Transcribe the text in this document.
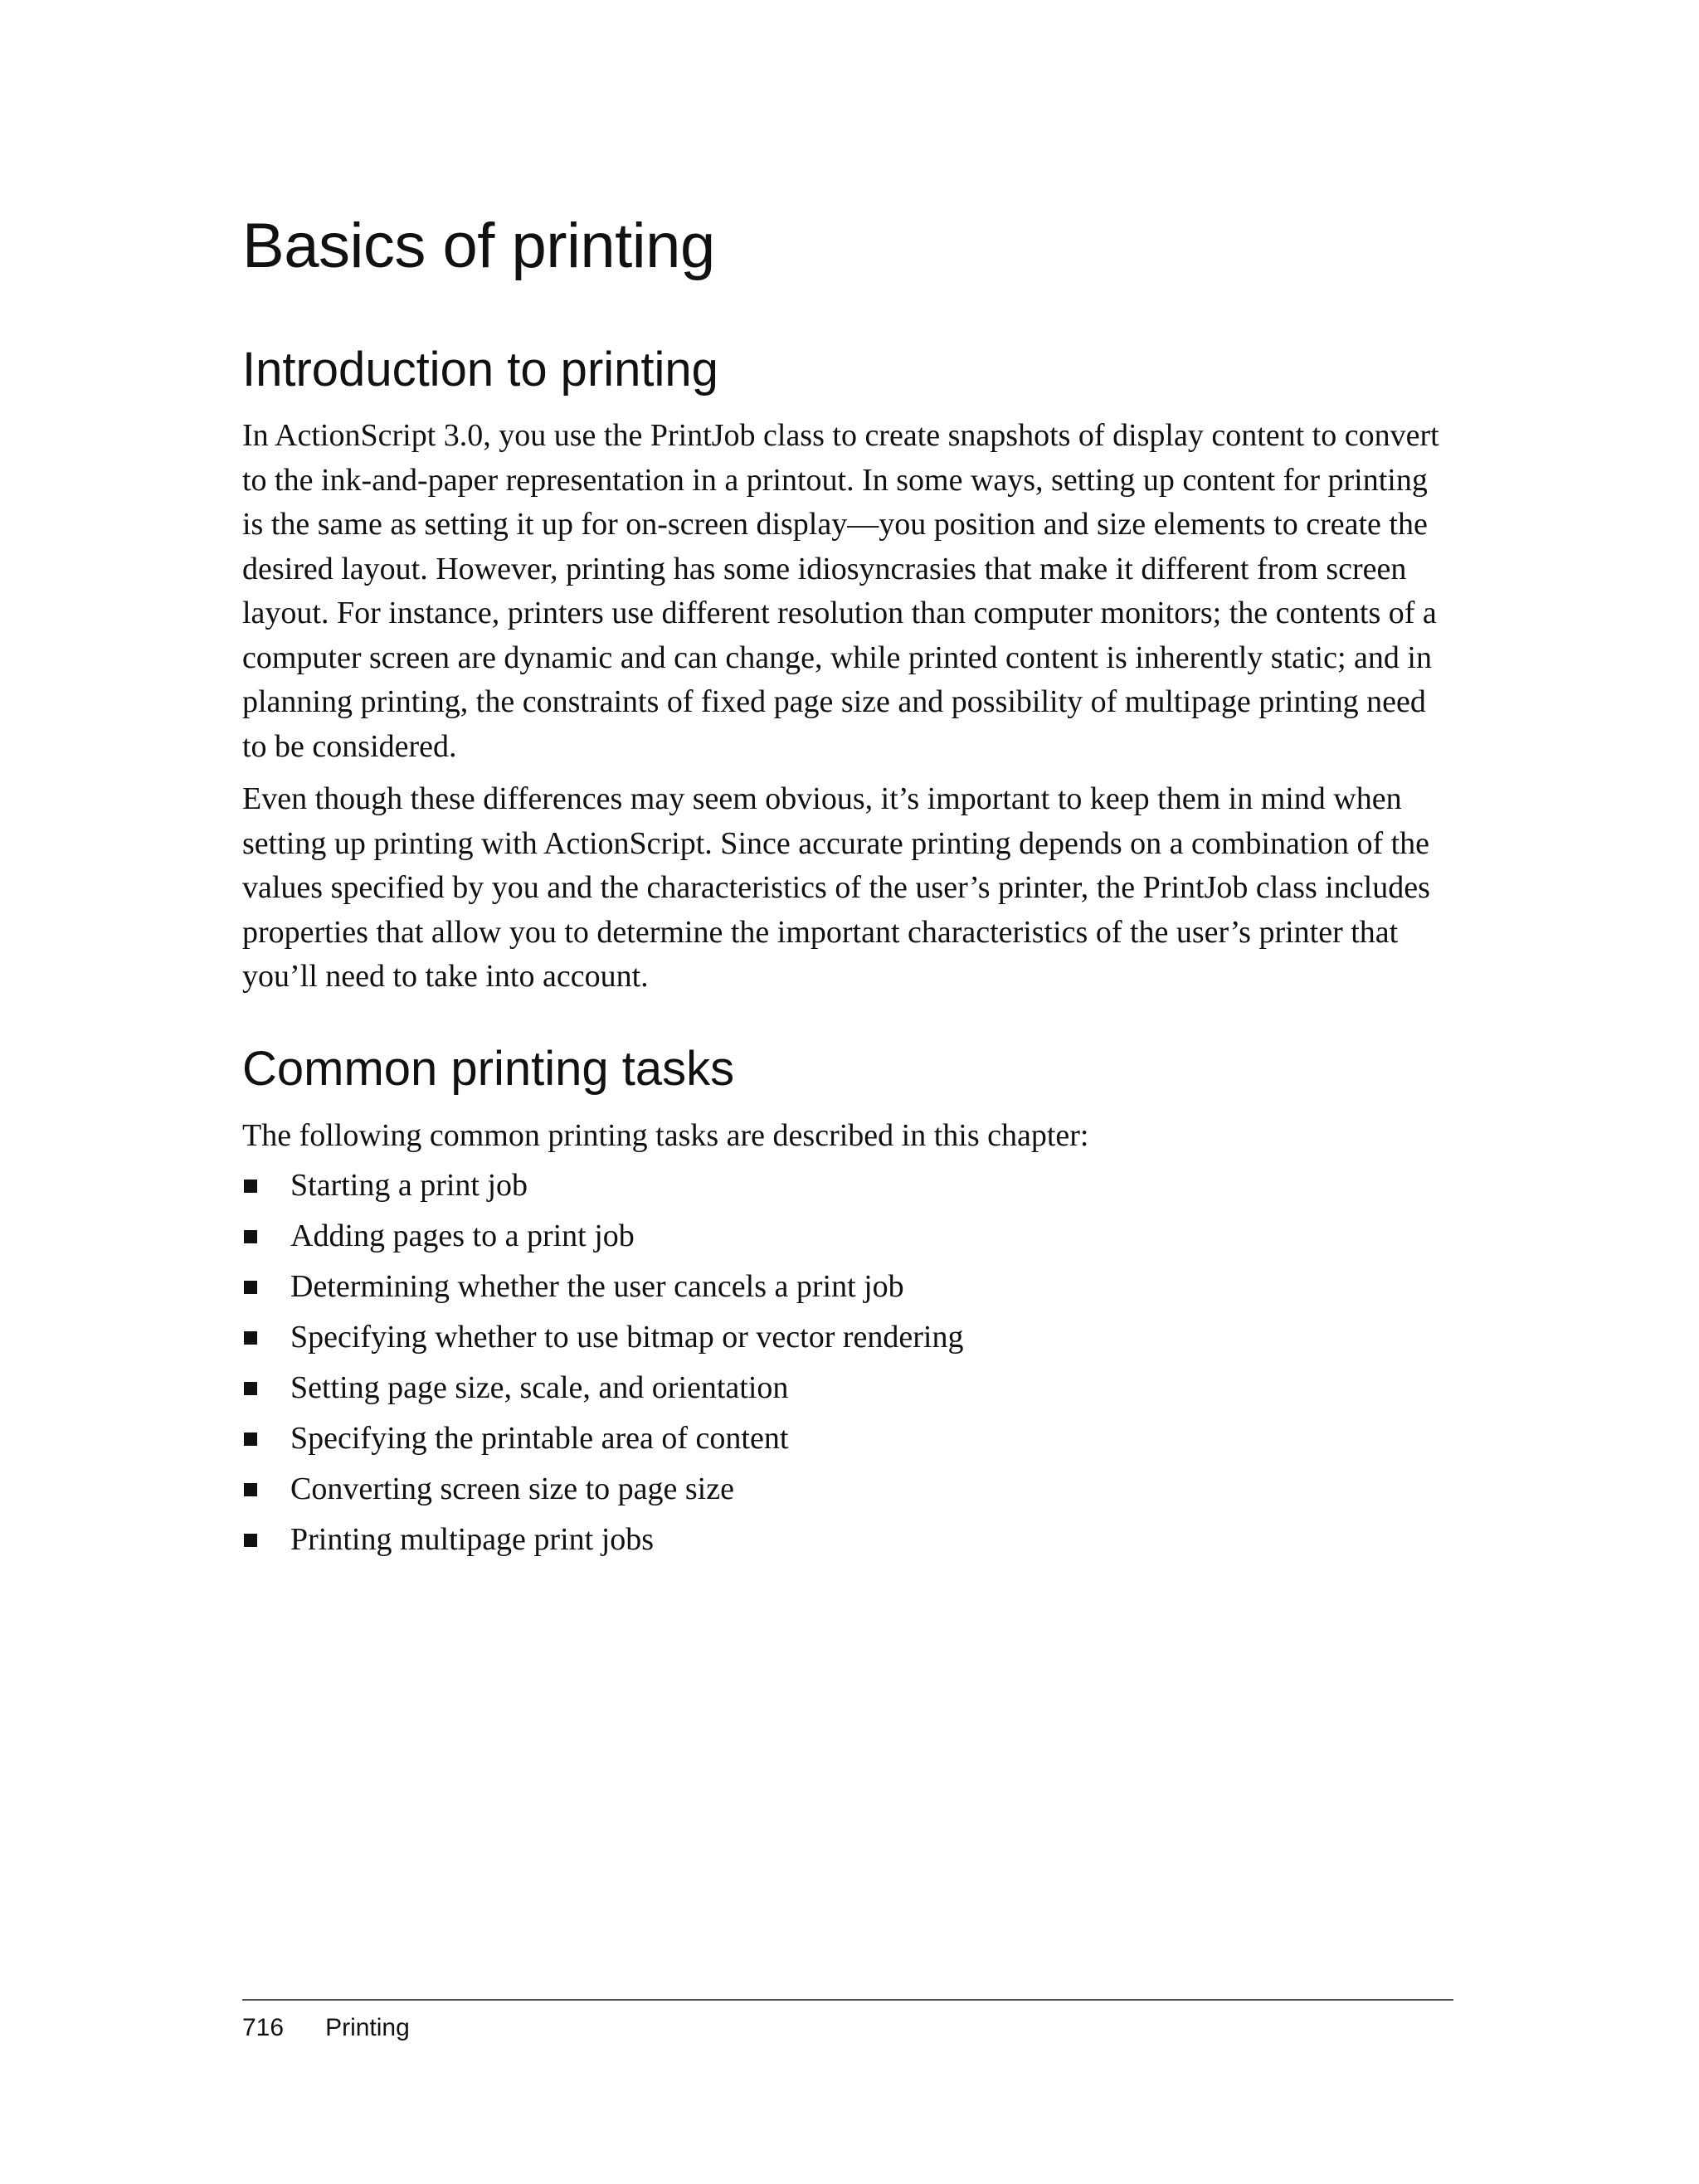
Basics of printing
Introduction to printing

In ActionScript 3.0, you use the PrintJob class to create snapshots of display content to convert to the ink-and-paper representation in a printout. In some ways, setting up content for printing is the same as setting it up for on-screen display—you position and size elements to create the desired layout. However, printing has some idiosyncrasies that make it different from screen layout. For instance, printers use different resolution than computer monitors; the contents of a computer screen are dynamic and can change, while printed content is inherently static; and in planning printing, the constraints of fixed page size and possibility of multipage printing need to be considered.

Even though these differences may seem obvious, it’s important to keep them in mind when setting up printing with ActionScript. Since accurate printing depends on a combination of the values specified by you and the characteristics of the user’s printer, the PrintJob class includes properties that allow you to determine the important characteristics of the user’s printer that you’ll need to take into account.

Common printing tasks

The following common printing tasks are described in this chapter:

Starting a print job
Adding pages to a print job
Determining whether the user cancels a print job
Specifying whether to use bitmap or vector rendering
Setting page size, scale, and orientation
Specifying the printable area of content
Converting screen size to page size
Printing multipage print jobs
716 Printing
